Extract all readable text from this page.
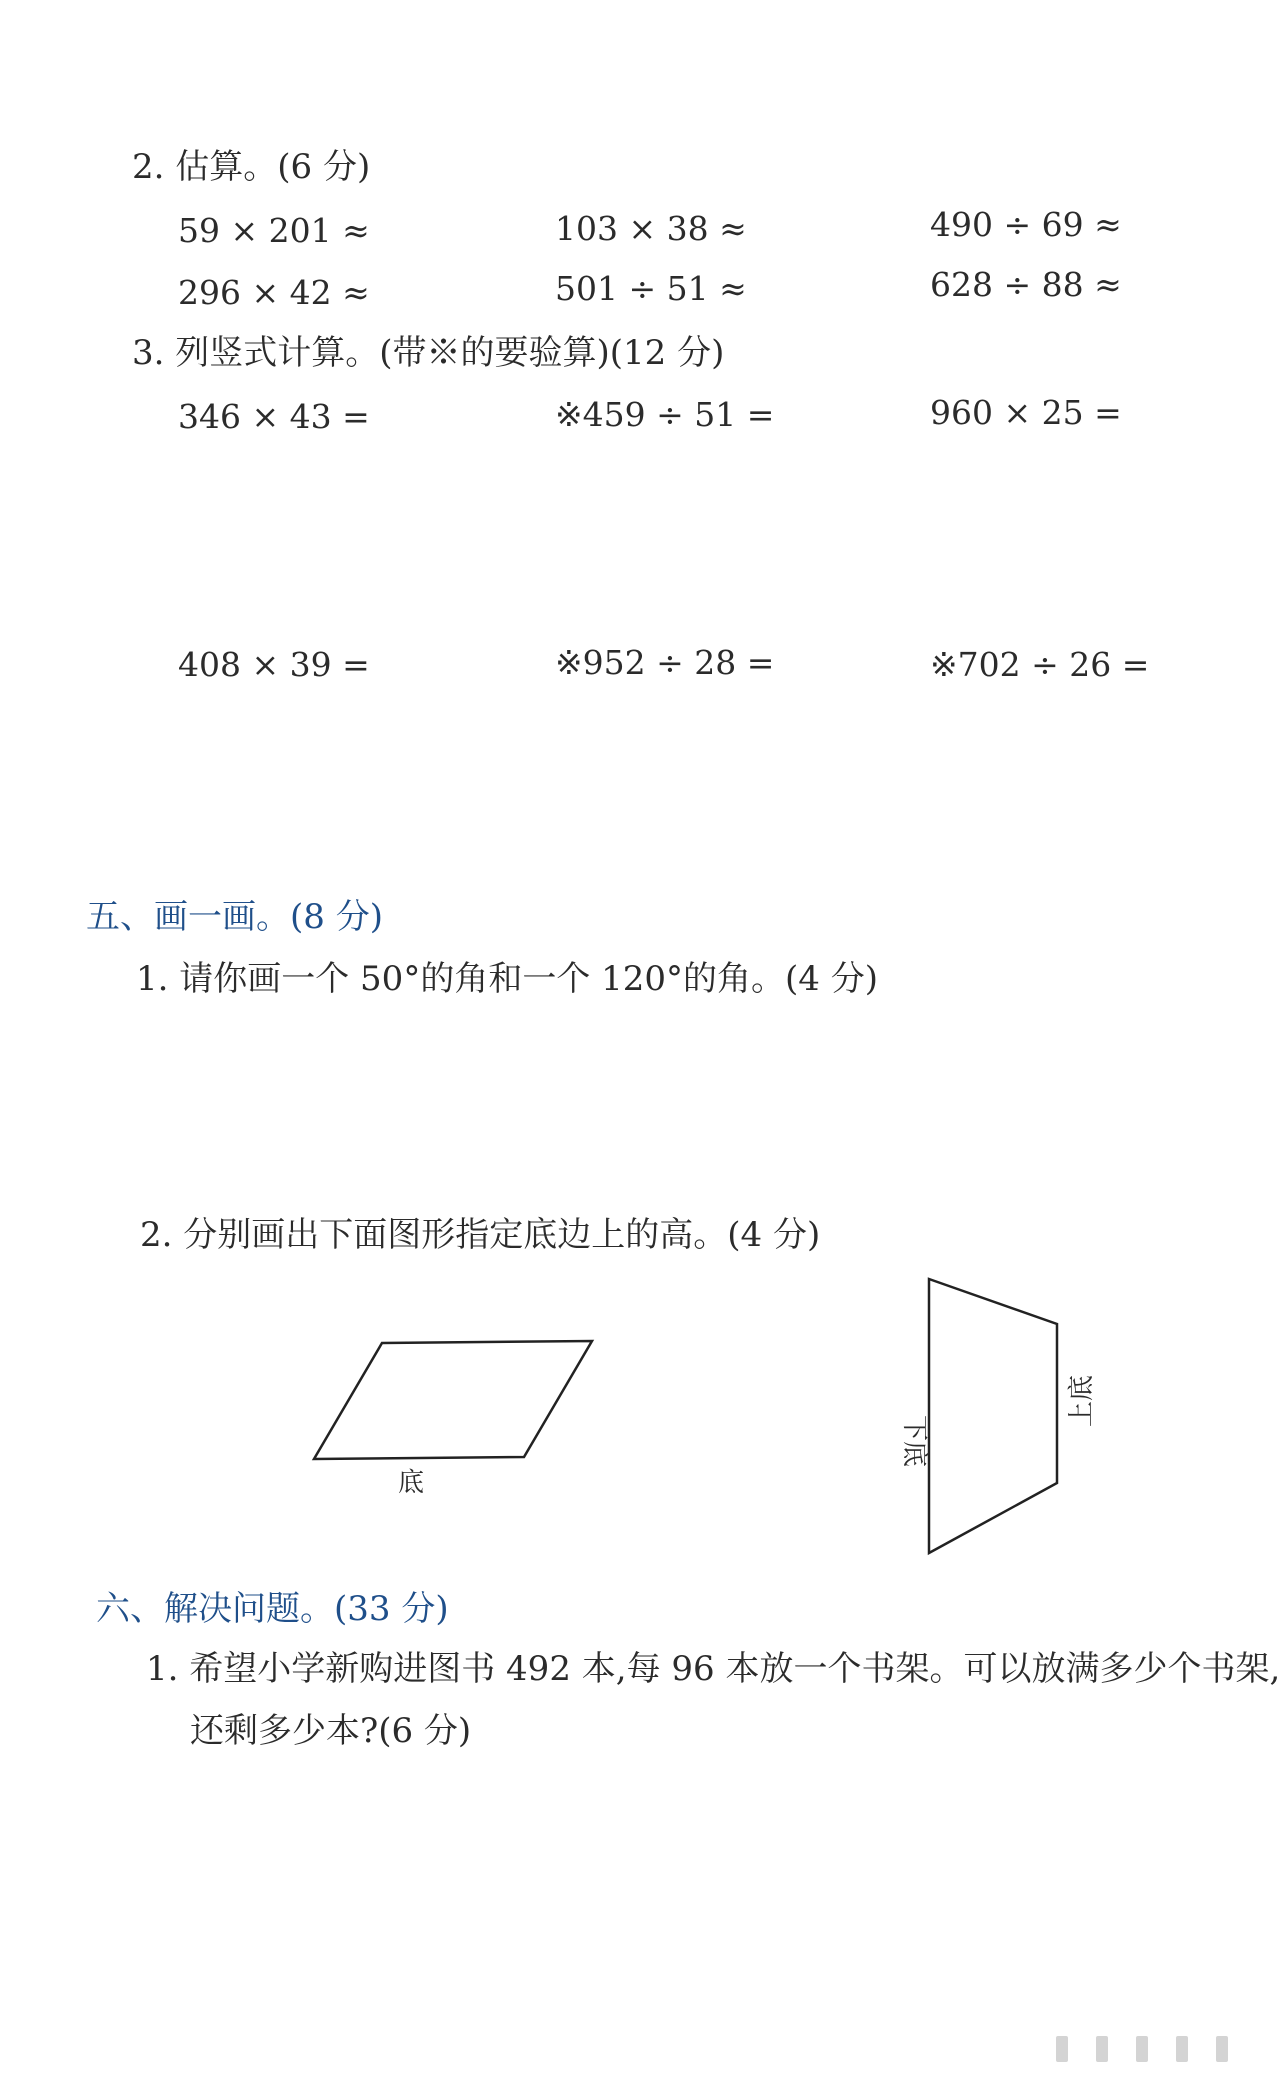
2. 估算。(6 分)
59 × 201 ≈	103 × 38 ≈	490 ÷ 69 ≈
296 × 42 ≈	501 ÷ 51 ≈	628 ÷ 88 ≈
3. 列竖式计算。(带※的要验算)(12 分)
346 × 43 =	※459 ÷ 51 =	960 × 25 =
408 × 39 =	※952 ÷ 28 =	※702 ÷ 26 =
五、画一画。(8 分)
1. 请你画一个 50°的角和一个 120°的角。(4 分)
2. 分别画出下面图形指定底边上的高。(4 分)
底
下底
上底
六、解决问题。(33 分)
1. 希望小学新购进图书 492 本,每 96 本放一个书架。可以放满多少个书架,
还剩多少本?(6 分)
